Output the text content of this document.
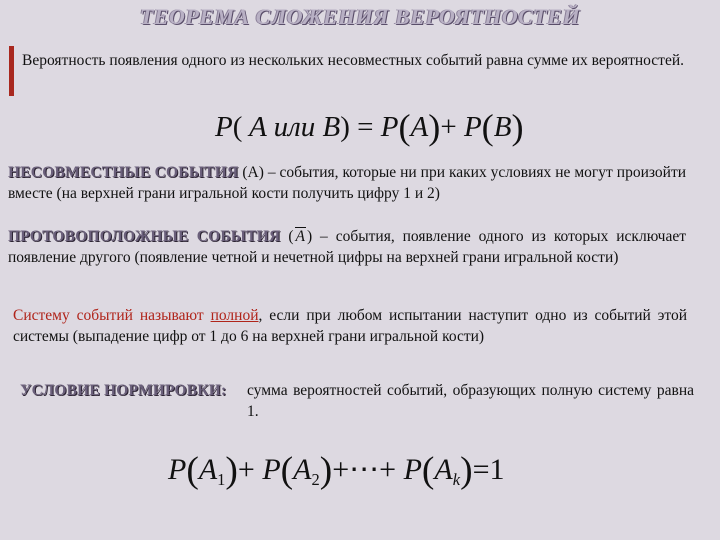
ТЕОРЕМА СЛОЖЕНИЯ ВЕРОЯТНОСТЕЙ
Вероятность появления одного из нескольких несовместных событий равна сумме их вероятностей.
P( A или B) = P(A)+ P(B)
НЕСОВМЕСТНЫЕ СОБЫТИЯ (А) – события, которые ни при каких условиях не могут произойти вместе (на верхней грани игральной кости получить цифру 1 и 2)
ПРОТОВОПОЛОЖНЫЕ СОБЫТИЯ ( А ) – события, появление одного из которых исключает появление другого (появление четной и нечетной цифры на верхней грани игральной кости)
Систему событий называют полной, если при любом испытании наступит одно из событий этой системы (выпадение цифр от 1 до 6 на верхней грани игральной кости)
УСЛОВИЕ НОРМИРОВКИ: сумма вероятностей событий, образующих полную систему равна 1.
$P(A_1)+$ $P(A_2)+\cdots+ P(A_k)=1$
